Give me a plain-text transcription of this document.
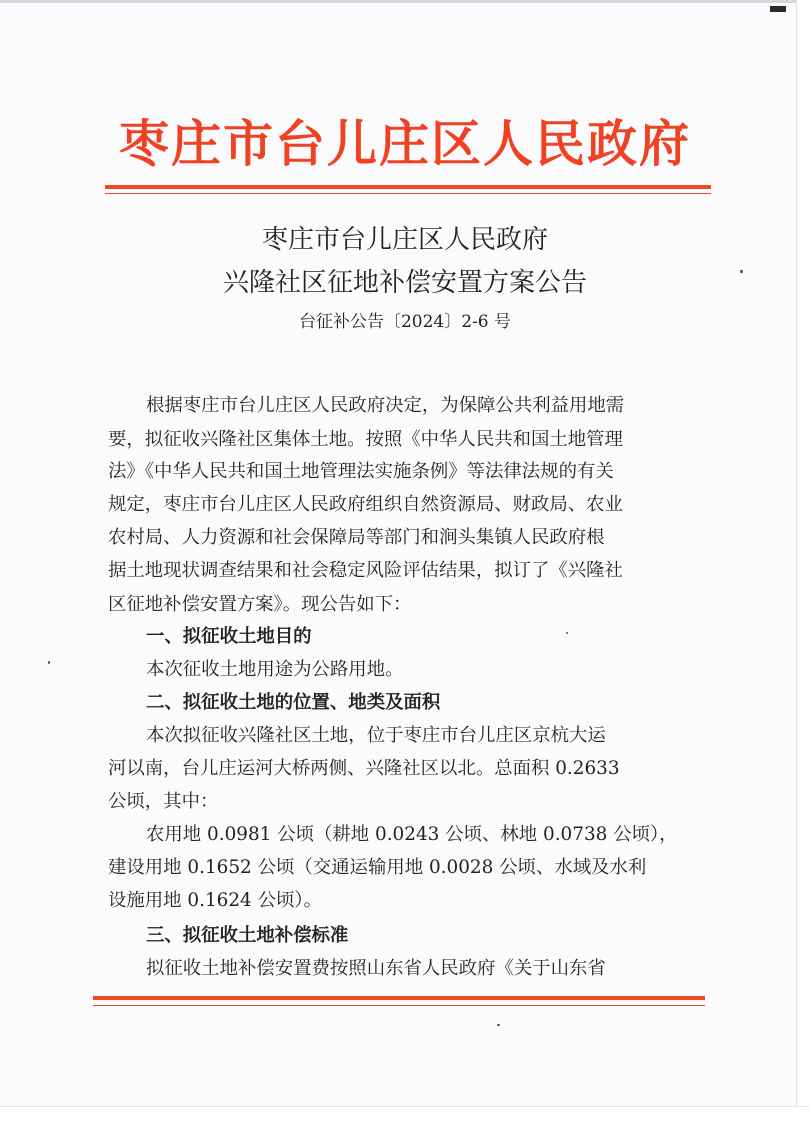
枣庄市台儿庄区人民政府
枣庄市台儿庄区人民政府
兴隆社区征地补偿安置方案公告
台征补公告〔2024〕2-6 号
根据枣庄市台儿庄区人民政府决定，为保障公共利益用地需
要，拟征收兴隆社区集体土地。按照《中华人民共和国土地管理
法》《中华人民共和国土地管理法实施条例》等法律法规的有关
规定，枣庄市台儿庄区人民政府组织自然资源局、财政局、农业
农村局、人力资源和社会保障局等部门和涧头集镇人民政府根
据土地现状调查结果和社会稳定风险评估结果，拟订了《兴隆社
区征地补偿安置方案》。现公告如下：
一、拟征收土地目的
本次征收土地用途为公路用地。
二、拟征收土地的位置、地类及面积
本次拟征收兴隆社区土地，位于枣庄市台儿庄区京杭大运
河以南，台儿庄运河大桥两侧、兴隆社区以北。总面积 0.2633
公顷，其中：
农用地 0.0981 公顷（耕地 0.0243 公顷、林地 0.0738 公顷），
建设用地 0.1652 公顷（交通运输用地 0.0028 公顷、水域及水利
设施用地 0.1624 公顷）。
三、拟征收土地补偿标准
拟征收土地补偿安置费按照山东省人民政府《关于山东省
